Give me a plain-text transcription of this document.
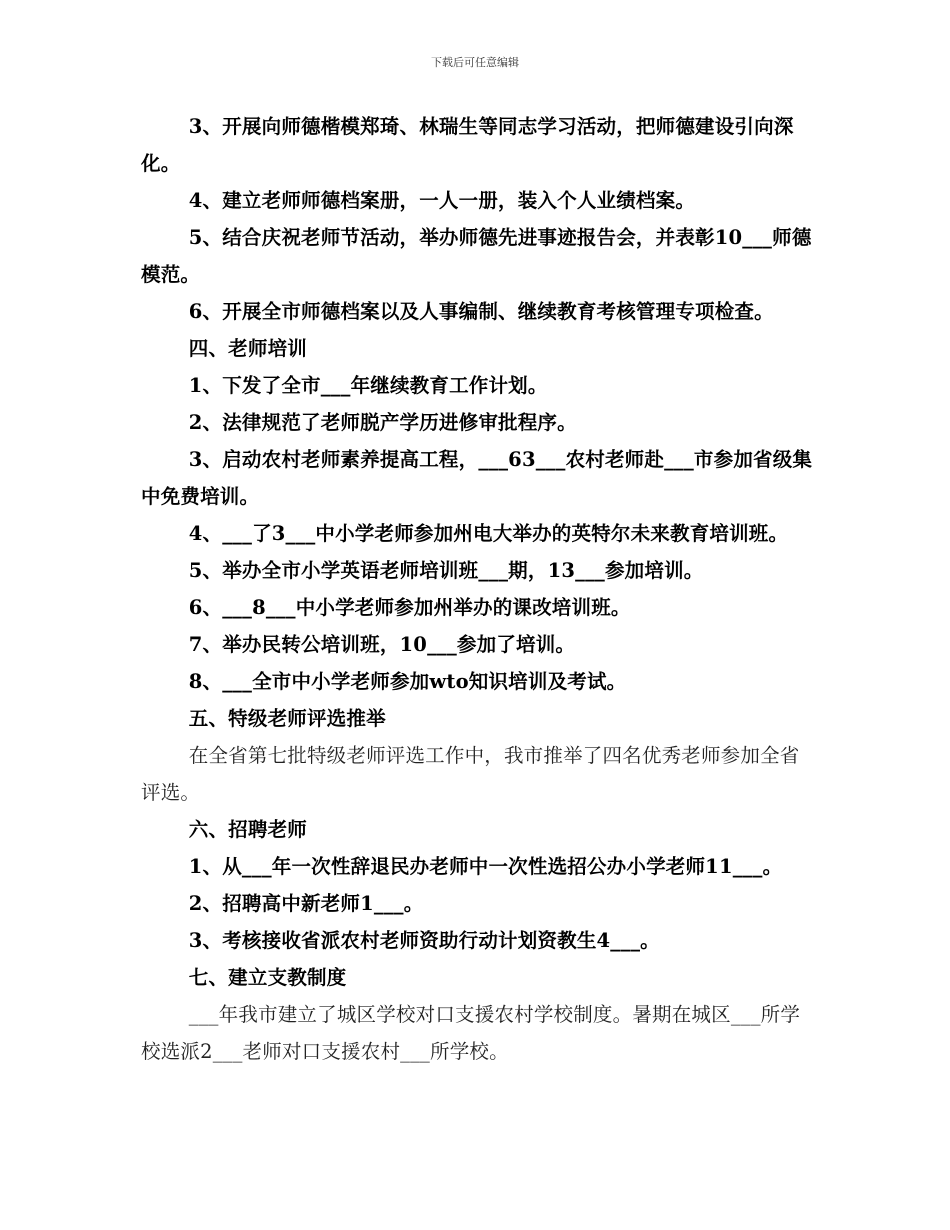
下载后可任意编辑

3、开展向师德楷模郑琦、林瑞生等同志学习活动，把师德建设引向深化。

4、建立老师师德档案册，一人一册，装入个人业绩档案。

5、结合庆祝老师节活动，举办师德先进事迹报告会，并表彰10___师德模范。

6、开展全市师德档案以及人事编制、继续教育考核管理专项检查。

四、老师培训

1、下发了全市___年继续教育工作计划。

2、法律规范了老师脱产学历进修审批程序。

3、启动农村老师素养提高工程，___63___农村老师赴___市参加省级集中免费培训。

4、___了3___中小学老师参加州电大举办的英特尔未来教育培训班。

5、举办全市小学英语老师培训班___期，13___参加培训。

6、___8___中小学老师参加州举办的课改培训班。

7、举办民转公培训班，10___参加了培训。

8、___全市中小学老师参加wto知识培训及考试。

五、特级老师评选推举

在全省第七批特级老师评选工作中，我市推举了四名优秀老师参加全省评选。

六、招聘老师

1、从___年一次性辞退民办老师中一次性选招公办小学老师11___。

2、招聘高中新老师1___。

3、考核接收省派农村老师资助行动计划资教生4___。

七、建立支教制度

___年我市建立了城区学校对口支援农村学校制度。暑期在城区___所学校选派2___老师对口支援农村___所学校。
